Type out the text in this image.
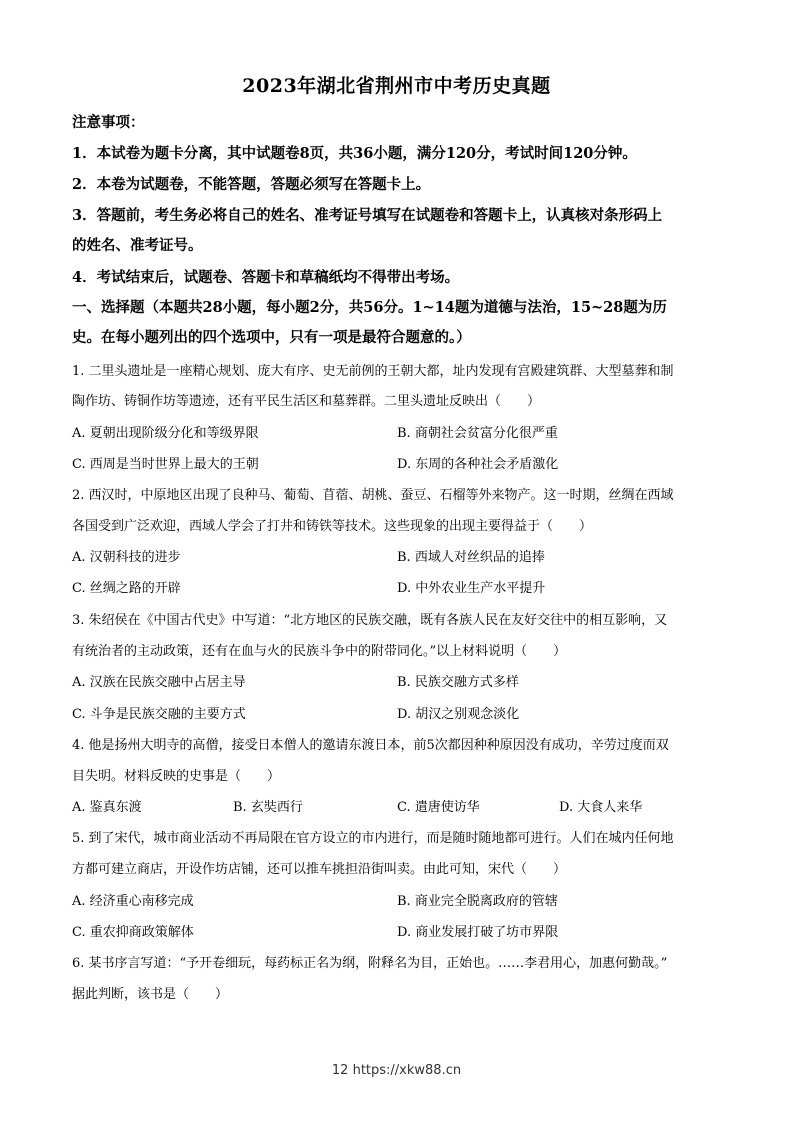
2023年湖北省荆州市中考历史真题
注意事项：
1．本试卷为题卡分离，其中试题卷8页，共36小题，满分120分，考试时间120分钟。
2．本卷为试题卷，不能答题，答题必须写在答题卡上。
3．答题前，考生务必将自己的姓名、准考证号填写在试题卷和答题卡上，认真核对条形码上
的姓名、准考证号。
4．考试结束后，试题卷、答题卡和草稿纸均不得带出考场。
一、选择题（本题共28小题，每小题2分，共56分。1~14题为道德与法治，15~28题为历
史。在每小题列出的四个选项中，只有一项是最符合题意的。）
1. 二里头遗址是一座精心规划、庞大有序、史无前例的王朝大都，址内发现有宫殿建筑群、大型墓葬和制
陶作坊、铸铜作坊等遗迹，还有平民生活区和墓葬群。二里头遗址反映出（　　）
A. 夏朝出现阶级分化和等级界限	B. 商朝社会贫富分化很严重
C. 西周是当时世界上最大的王朝	D. 东周的各种社会矛盾激化
2. 西汉时，中原地区出现了良种马、葡萄、苜蓿、胡桃、蚕豆、石榴等外来物产。这一时期，丝绸在西域
各国受到广泛欢迎，西域人学会了打井和铸铁等技术。这些现象的出现主要得益于（　　）
A. 汉朝科技的进步	B. 西域人对丝织品的追捧
C. 丝绸之路的开辟	D. 中外农业生产水平提升
3. 朱绍侯在《中国古代史》中写道：“北方地区的民族交融，既有各族人民在友好交往中的相互影响，又
有统治者的主动政策，还有在血与火的民族斗争中的附带同化。”以上材料说明（　　）
A. 汉族在民族交融中占居主导	B. 民族交融方式多样
C. 斗争是民族交融的主要方式	D. 胡汉之别观念淡化
4. 他是扬州大明寺的高僧，接受日本僧人的邀请东渡日本，前5次都因种种原因没有成功，辛劳过度而双
目失明。材料反映的史事是（　　）
A. 鉴真东渡	B. 玄奘西行	C. 遣唐使访华	D. 大食人来华
5. 到了宋代，城市商业活动不再局限在官方设立的市内进行，而是随时随地都可进行。人们在城内任何地
方都可建立商店，开设作坊店铺，还可以推车挑担沿街叫卖。由此可知，宋代（　　）
A. 经济重心南移完成	B. 商业完全脱离政府的管辖
C. 重农抑商政策解体	D. 商业发展打破了坊市界限
6. 某书序言写道：“予开卷细玩，每药标正名为纲，附释名为目，正始也。……李君用心，加惠何勤哉。”
据此判断，该书是（　　）
12 https://xkw88.cn
